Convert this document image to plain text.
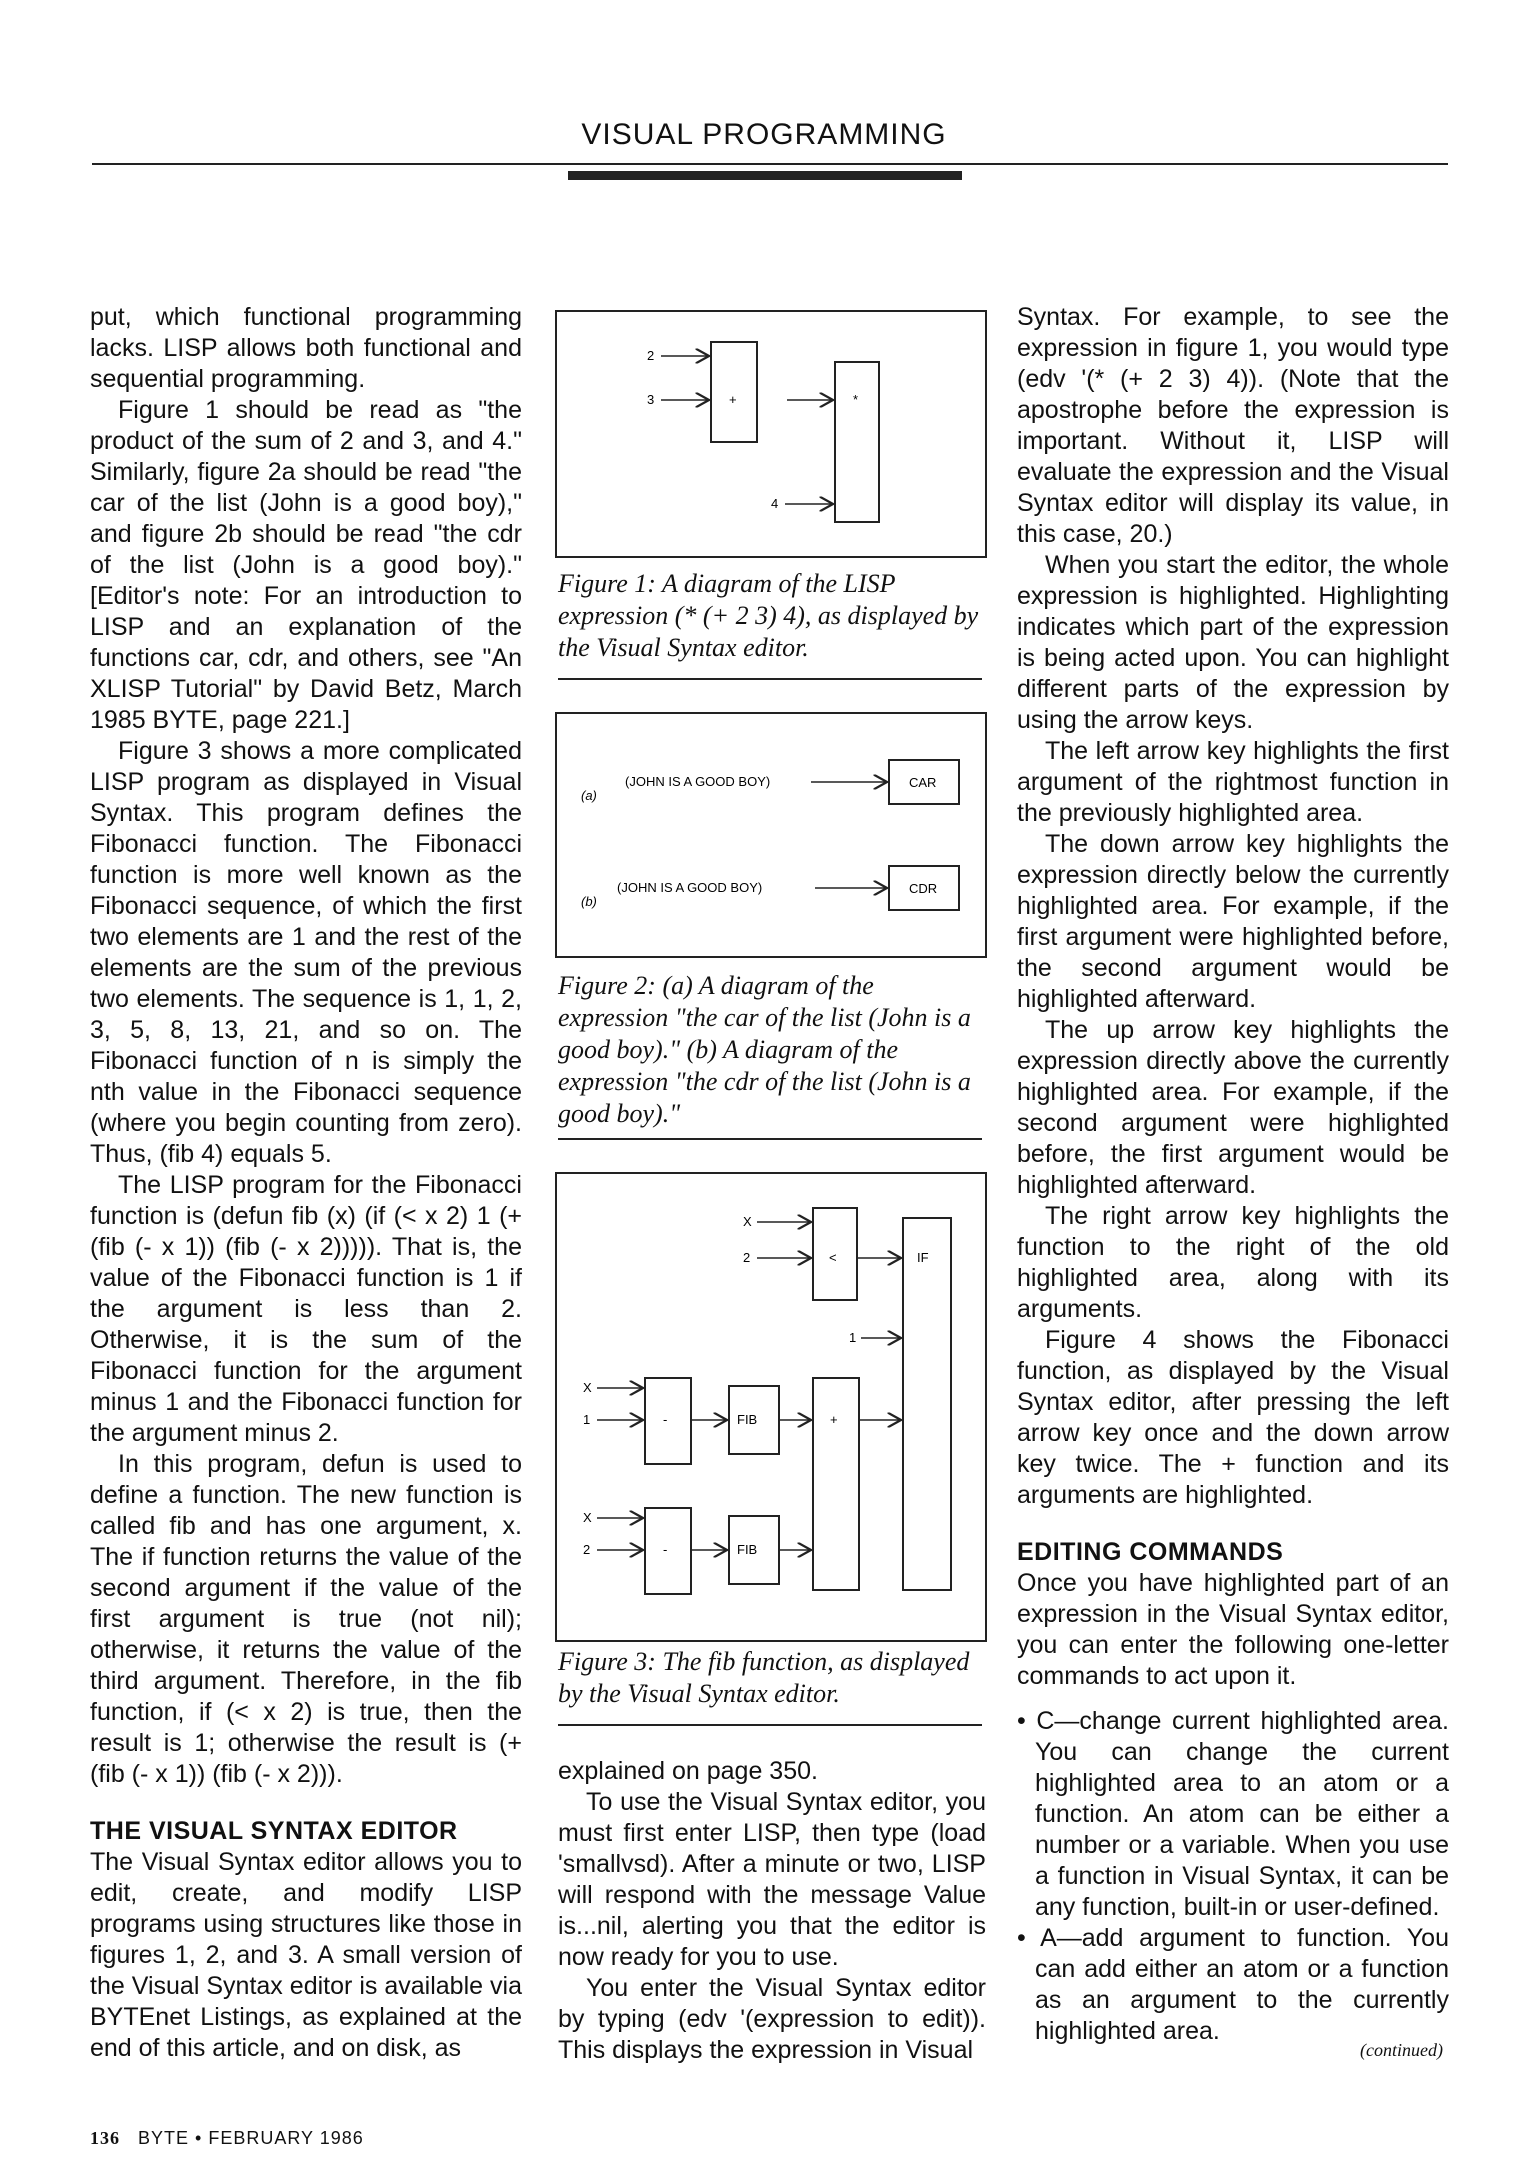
VISUAL PROGRAMMING

put, which functional programming lacks. LISP allows both functional and sequential programming.

Figure 1 should be read as "the product of the sum of 2 and 3, and 4." Similarly, figure 2a should be read "the car of the list (John is a good boy)," and figure 2b should be read "the cdr of the list (John is a good boy)." [Editor's note: For an introduction to LISP and an explanation of the functions car, cdr, and others, see "An XLISP Tutorial" by David Betz, March 1985 BYTE, page 221.]

Figure 3 shows a more complicated LISP program as displayed in Visual Syntax. This program defines the Fibonacci function. The Fibonacci function is more well known as the Fibonacci sequence, of which the first two elements are 1 and the rest of the elements are the sum of the previous two elements. The sequence is 1, 1, 2, 3, 5, 8, 13, 21, and so on. The Fibonacci function of n is simply the nth value in the Fibonacci sequence (where you begin counting from zero). Thus, (fib 4) equals 5.

The LISP program for the Fibonacci function is (defun fib (x) (if (< x 2) 1 (+ (fib (- x 1)) (fib (- x 2))))). That is, the value of the Fibonacci function is 1 if the argument is less than 2. Otherwise, it is the sum of the Fibonacci function for the argument minus 1 and the Fibonacci function for the argument minus 2.

In this program, defun is used to define a function. The new function is called fib and has one argument, x. The if function returns the value of the second argument if the value of the first argument is true (not nil); otherwise, it returns the value of the third argument. Therefore, in the fib function, if (< x 2) is true, then the result is 1; otherwise the result is (+ (fib (- x 1)) (fib (- x 2))).

THE VISUAL SYNTAX EDITOR

The Visual Syntax editor allows you to edit, create, and modify LISP programs using structures like those in figures 1, 2, and 3. A small version of the Visual Syntax editor is available via BYTEnet Listings, as explained at the end of this article, and on disk, as

2
3	+	*
4
Figure 1: A diagram of the LISP expression (* (+ 2 3) 4), as displayed by the Visual Syntax editor.
(a)
(JOHN IS A GOOD BOY)	CAR
(b)
(JOHN IS A GOOD BOY)	CDR
Figure 2: (a) A diagram of the expression "the car of the list (John is a good boy)." (b) A diagram of the expression "the cdr of the list (John is a good boy)."
X
2	<	IF
1
X
1	-	FIB	+
X
2	-	FIB
Figure 3: The fib function, as displayed by the Visual Syntax editor.

explained on page 350.

To use the Visual Syntax editor, you must first enter LISP, then type (load 'smallvsd). After a minute or two, LISP will respond with the message Value is...nil, alerting you that the editor is now ready for you to use.

You enter the Visual Syntax editor by typing (edv '(expression to edit)). This displays the expression in Visual

Syntax. For example, to see the expression in figure 1, you would type (edv '(* (+ 2 3) 4)). (Note that the apostrophe before the expression is important. Without it, LISP will evaluate the expression and the Visual Syntax editor will display its value, in this case, 20.)

When you start the editor, the whole expression is highlighted. Highlighting indicates which part of the expression is being acted upon. You can highlight different parts of the expression by using the arrow keys.

The left arrow key highlights the first argument of the rightmost function in the previously highlighted area.

The down arrow key highlights the expression directly below the currently highlighted area. For example, if the first argument were highlighted before, the second argument would be highlighted afterward.

The up arrow key highlights the expression directly above the currently highlighted area. For example, if the second argument were highlighted before, the first argument would be highlighted afterward.

The right arrow key highlights the function to the right of the old highlighted area, along with its arguments.

Figure 4 shows the Fibonacci function, as displayed by the Visual Syntax editor, after pressing the left arrow key once and the down arrow key twice. The + function and its arguments are highlighted.

EDITING COMMANDS

Once you have highlighted part of an expression in the Visual Syntax editor, you can enter the following one-letter commands to act upon it.

• C—change current highlighted area. You can change the current highlighted area to an atom or a function. An atom can be either a number or a variable. When you use a function in Visual Syntax, it can be any function, built-in or user-defined.

• A—add argument to function. You can add either an atom or a function as an argument to the currently highlighted area.

(continued)
136 BYTE • FEBRUARY 1986
